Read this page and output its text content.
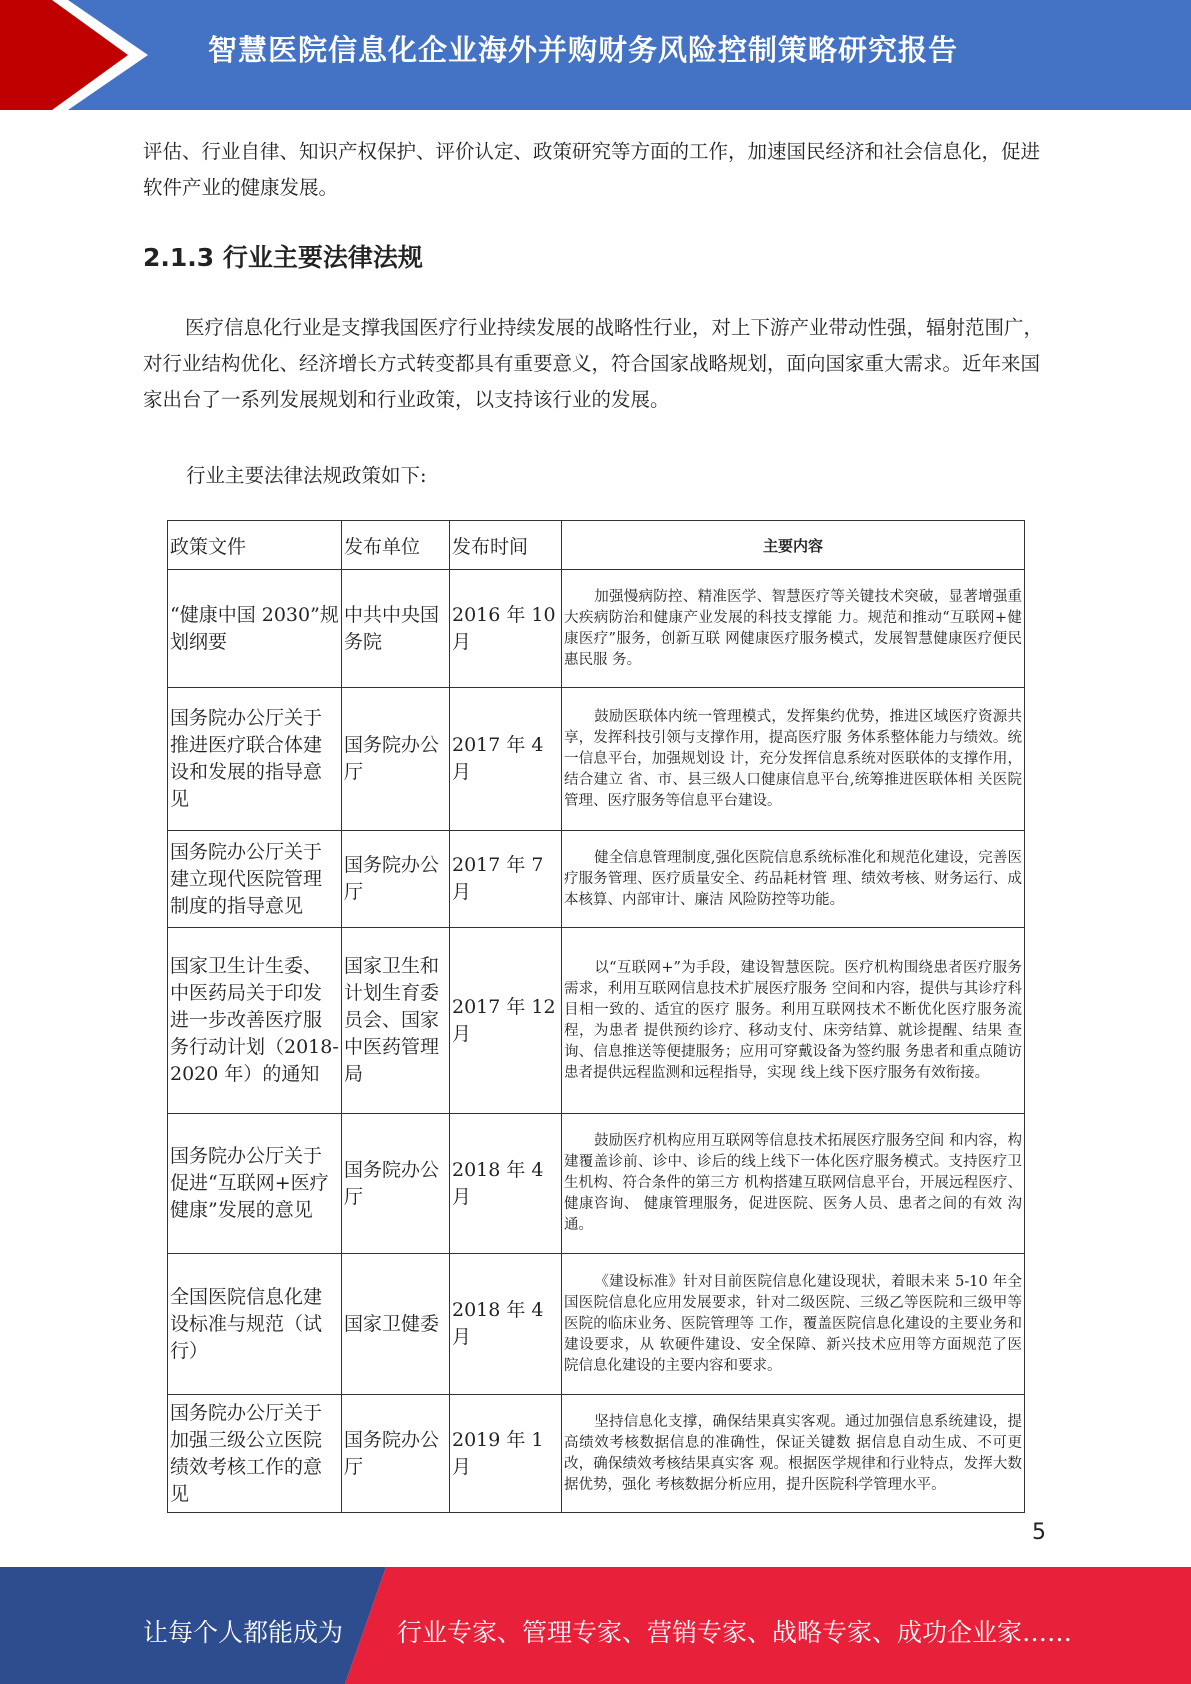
智慧医院信息化企业海外并购财务风险控制策略研究报告

评估、行业自律、知识产权保护、评价认定、政策研究等方面的工作，加速国民经济和社会信息化，促进软件产业的健康发展。

2.1.3 行业主要法律法规

医疗信息化行业是支撑我国医疗行业持续发展的战略性行业，对上下游产业带动性强，辐射范围广，对行业结构优化、经济增长方式转变都具有重要意义，符合国家战略规划，面向国家重大需求。近年来国家出台了一系列发展规划和行业政策，以支持该行业的发展。

行业主要法律法规政策如下:

政策文件	发布单位	发布时间	主要内容
“健康中国 2030”规划纲要	中共中央国务院	2016 年 10 月	加强慢病防控、精准医学、智慧医疗等关键技术突破，显著增强重大疾病防治和健康产业发展的科技支撑能 力。规范和推动“互联网+健康医疗”服务，创新互联 网健康医疗服务模式，发展智慧健康医疗便民惠民服 务。
国务院办公厅关于推进医疗联合体建设和发展的指导意见	国务院办公厅	2017 年 4 月	鼓励医联体内统一管理模式，发挥集约优势，推进区域医疗资源共享，发挥科技引领与支撑作用，提高医疗服 务体系整体能力与绩效。统一信息平台，加强规划设 计，充分发挥信息系统对医联体的支撑作用，结合建立 省、市、县三级人口健康信息平台,统筹推进医联体相 关医院管理、医疗服务等信息平台建设。
国务院办公厅关于建立现代医院管理制度的指导意见	国务院办公厅	2017 年 7 月	健全信息管理制度,强化医院信息系统标准化和规范化建设，完善医疗服务管理、医疗质量安全、药品耗材管 理、绩效考核、财务运行、成本核算、内部审计、廉洁 风险防控等功能。
国家卫生计生委、中医药局关于印发进一步改善医疗服务行动计划（2018-2020 年）的通知	国家卫生和计划生育委员会、国家中医药管理局	2017 年 12 月	以“互联网+”为手段，建设智慧医院。医疗机构围绕患者医疗服务需求，利用互联网信息技术扩展医疗服务 空间和内容，提供与其诊疗科目相一致的、适宜的医疗 服务。利用互联网技术不断优化医疗服务流程，为患者 提供预约诊疗、移动支付、床旁结算、就诊提醒、结果 查询、信息推送等便捷服务；应用可穿戴设备为签约服 务患者和重点随访患者提供远程监测和远程指导，实现 线上线下医疗服务有效衔接。
国务院办公厅关于促进“互联网+医疗健康”发展的意见	国务院办公厅	2018 年 4 月	鼓励医疗机构应用互联网等信息技术拓展医疗服务空间 和内容，构建覆盖诊前、诊中、诊后的线上线下一体化医疗服务模式。支持医疗卫生机构、符合条件的第三方 机构搭建互联网信息平台，开展远程医疗、健康咨询、 健康管理服务，促进医院、医务人员、患者之间的有效 沟通。
全国医院信息化建设标准与规范（试行）	国家卫健委	2018 年 4 月	《建设标准》针对目前医院信息化建设现状，着眼未来 5-10 年全国医院信息化应用发展要求，针对二级医院、三级乙等医院和三级甲等医院的临床业务、医院管理等 工作，覆盖医院信息化建设的主要业务和建设要求，从 软硬件建设、安全保障、新兴技术应用等方面规范了医 院信息化建设的主要内容和要求。
国务院办公厅关于加强三级公立医院绩效考核工作的意见	国务院办公厅	2019 年 1 月	坚持信息化支撑，确保结果真实客观。通过加强信息系统建设，提高绩效考核数据信息的准确性，保证关键数 据信息自动生成、不可更改，确保绩效考核结果真实客 观。根据医学规律和行业特点，发挥大数据优势，强化 考核数据分析应用，提升医院科学管理水平。
5
让每个人都能成为 行业专家、管理专家、营销专家、战略专家、成功企业家……
